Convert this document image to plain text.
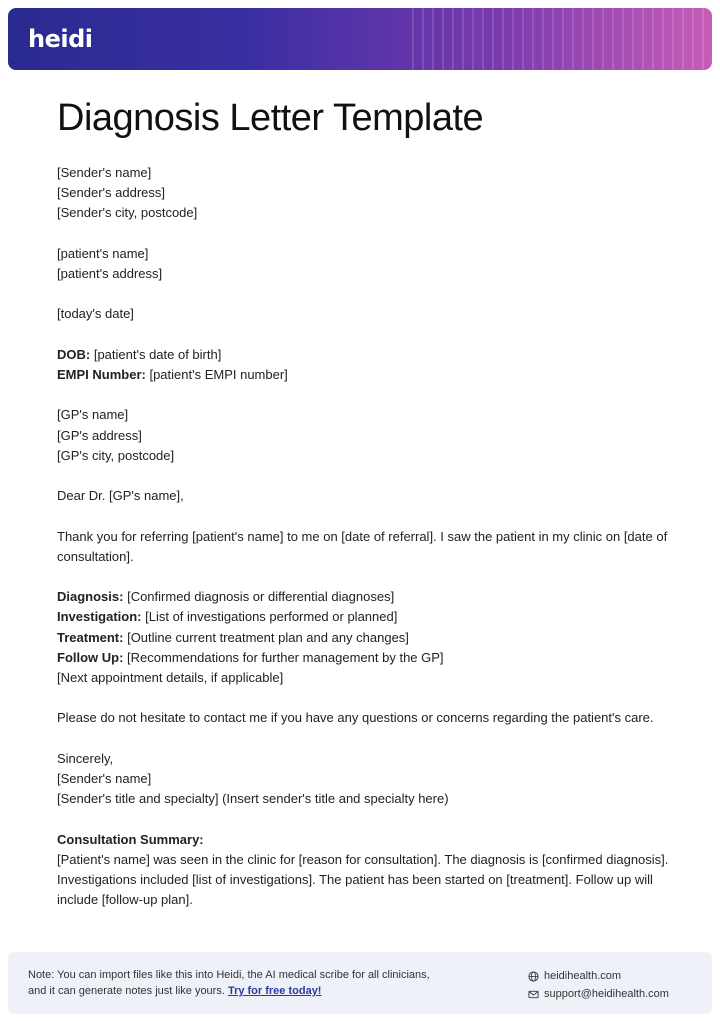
heidi
Diagnosis Letter Template
[Sender's name]
[Sender's address]
[Sender's city, postcode]
[patient's name]
[patient's address]
[today's date]
DOB: [patient's date of birth]
EMPI Number: [patient's EMPI number]
[GP's name]
[GP's address]
[GP's city, postcode]
Dear Dr. [GP's name],
Thank you for referring [patient's name] to me on [date of referral]. I saw the patient in my clinic on [date of consultation].
Diagnosis: [Confirmed diagnosis or differential diagnoses]
Investigation: [List of investigations performed or planned]
Treatment: [Outline current treatment plan and any changes]
Follow Up: [Recommendations for further management by the GP]
[Next appointment details, if applicable]
Please do not hesitate to contact me if you have any questions or concerns regarding the patient's care.
Sincerely,
[Sender's name]
[Sender's title and specialty] (Insert sender's title and specialty here)
Consultation Summary:
[Patient's name] was seen in the clinic for [reason for consultation]. The diagnosis is [confirmed diagnosis]. Investigations included [list of investigations]. The patient has been started on [treatment]. Follow up will include [follow-up plan].
Note: You can import files like this into Heidi, the AI medical scribe for all clinicians, and it can generate notes just like yours. Try for free today!
heidihealth.com
support@heidihealth.com
